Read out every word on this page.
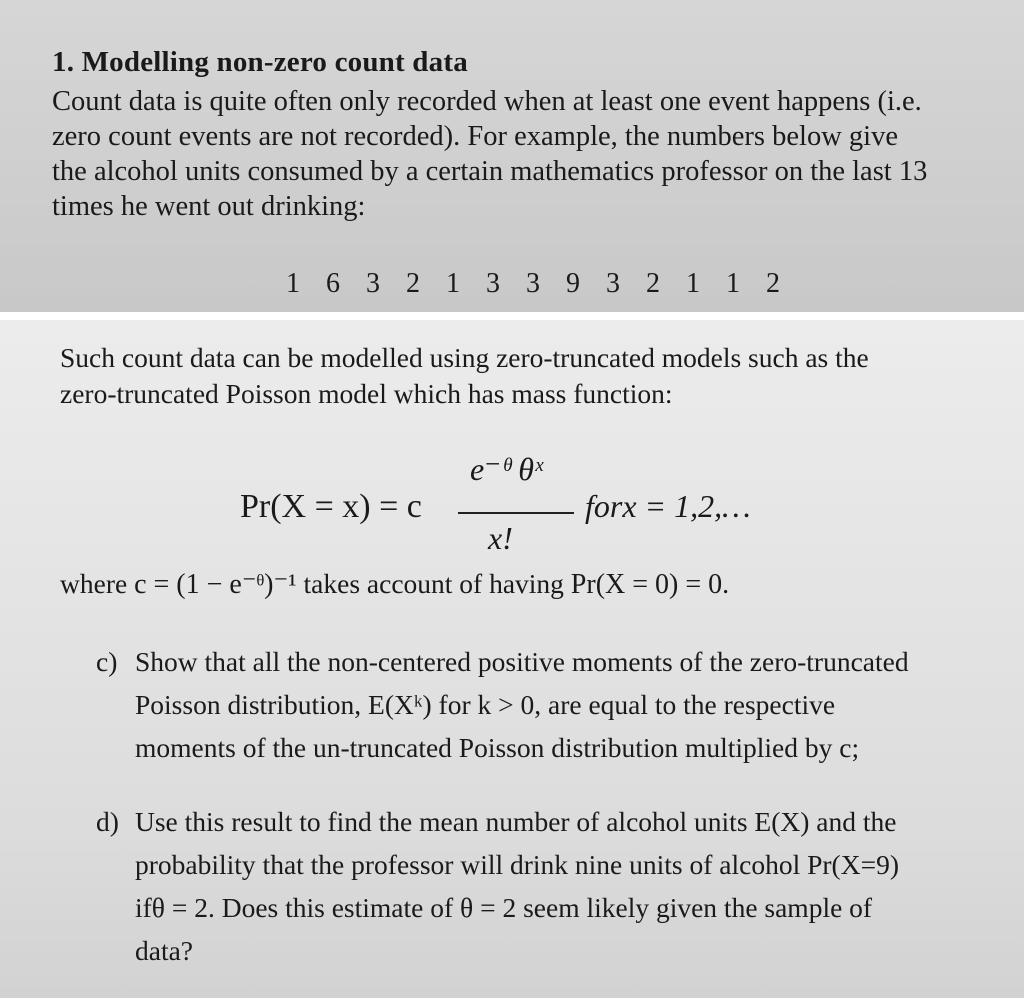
1. Modelling non-zero count data
Count data is quite often only recorded when at least one event happens (i.e.
zero count events are not recorded). For example, the numbers below give
the alcohol units consumed by a certain mathematics professor on the last 13
times he went out drinking:
1  6  3  2  1  3  3  9  3  2  1  1  2
Such count data can be modelled using zero-truncated models such as the
zero-truncated Poisson model which has mass function:
Pr(X = x) = c
e⁻ᶿ θˣ
x!
forx = 1,2,…
where c = (1 − e⁻ᶿ)⁻¹ takes account of having Pr(X = 0) = 0.
c) Show that all the non-centered positive moments of the zero-truncated
Poisson distribution, E(Xᵏ) for k > 0, are equal to the respective
moments of the un-truncated Poisson distribution multiplied by c;
d) Use this result to find the mean number of alcohol units E(X) and the
probability that the professor will drink nine units of alcohol Pr(X=9)
ifθ = 2. Does this estimate of θ = 2 seem likely given the sample of
data?
